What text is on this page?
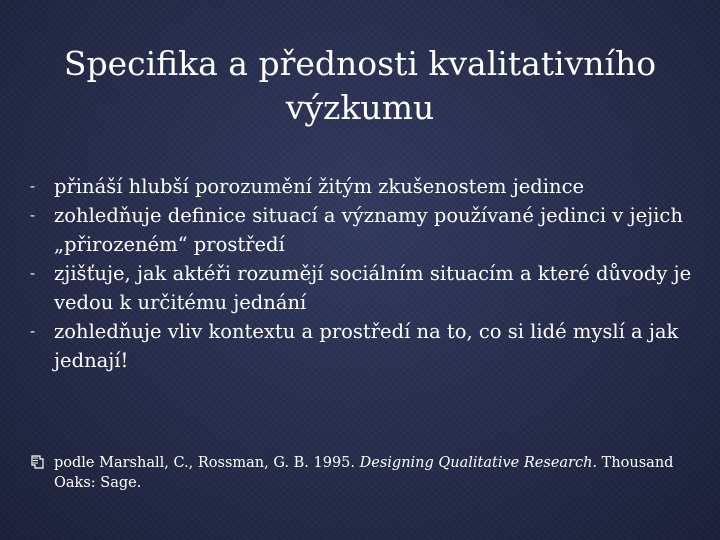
Specifika a přednosti kvalitativního výzkumu
- přináší hlubší porozumění žitým zkušenostem jedince
- zohledňuje definice situací a významy používané jedinci v jejich „přirozeném“ prostředí
- zjišťuje, jak aktéři rozumějí sociálním situacím a které důvody je vedou k určitému jednání
- zohledňuje vliv kontextu a prostředí na to, co si lidé myslí a jak jednají!
podle Marshall, C., Rossman, G. B. 1995. Designing Qualitative Research. Thousand Oaks: Sage.
